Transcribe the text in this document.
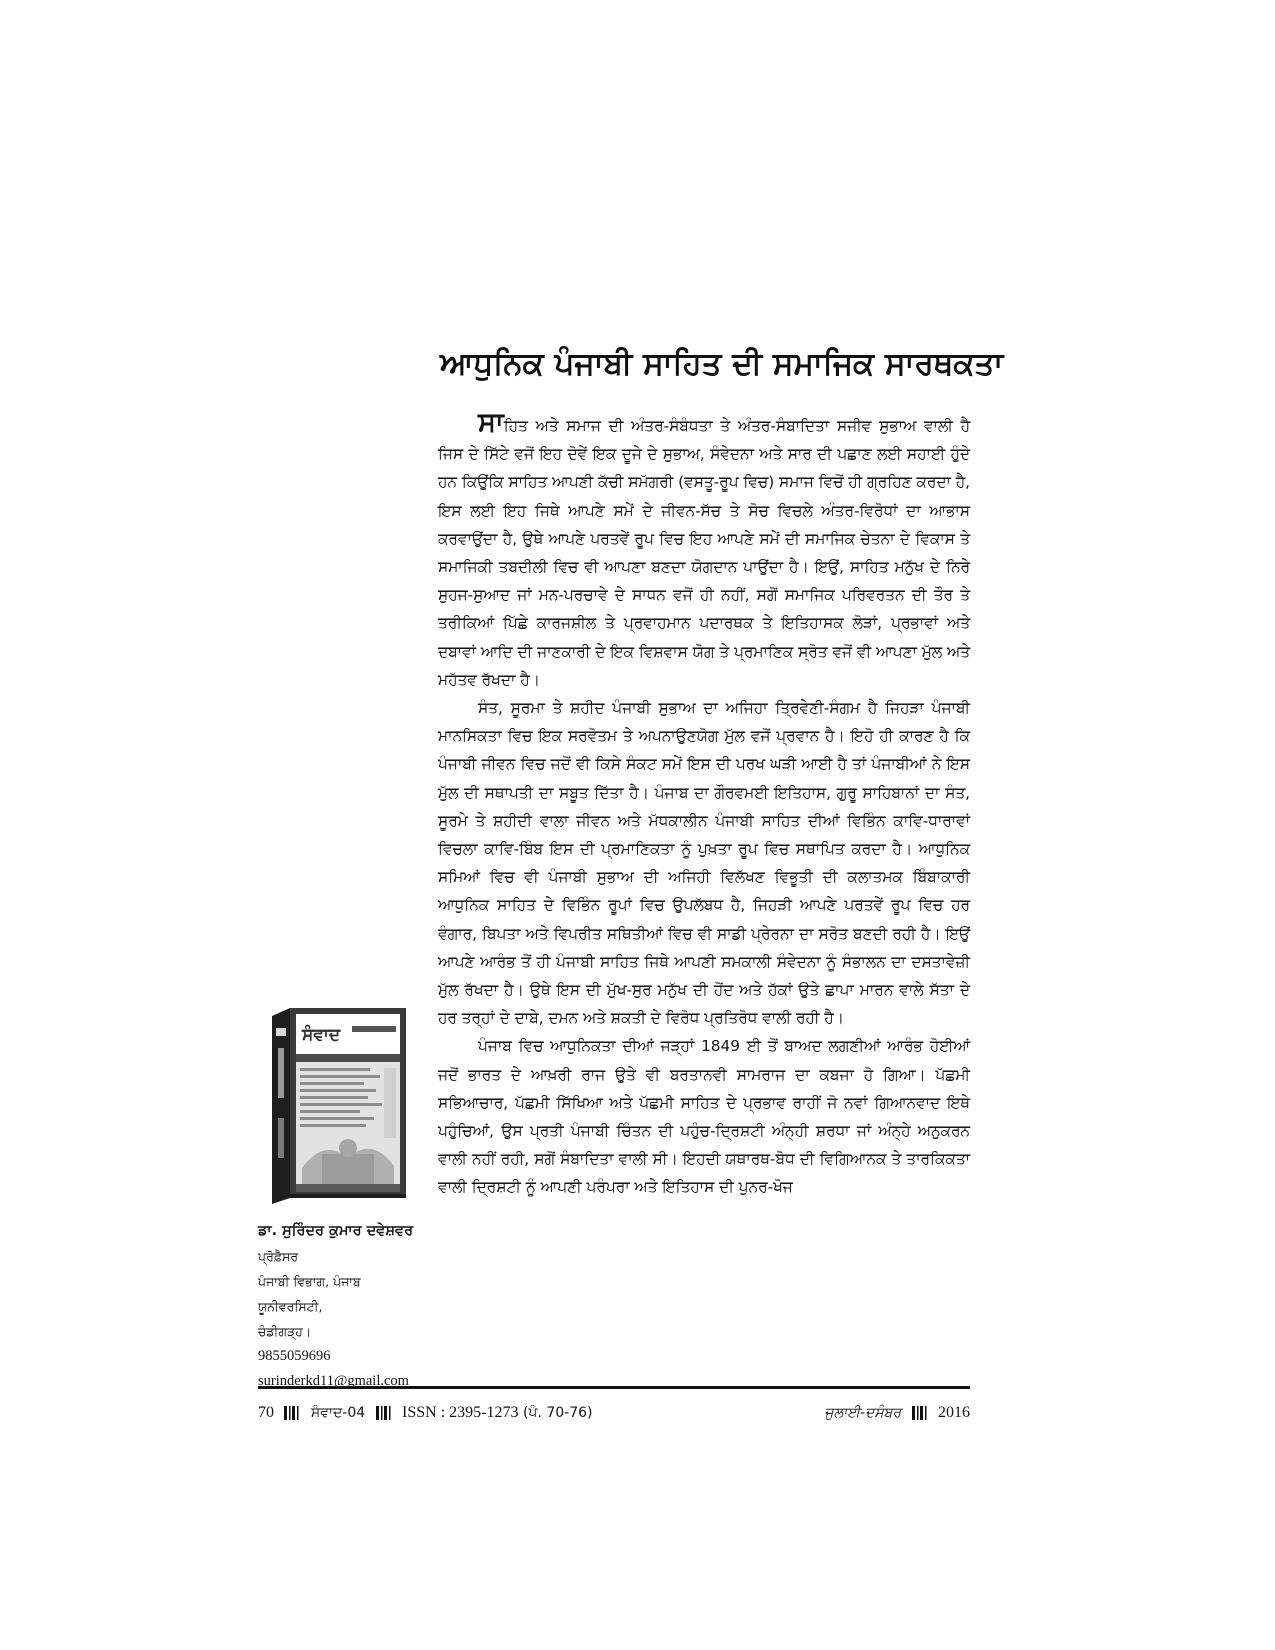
ਆਧੁਨਿਕ ਪੰਜਾਬੀ ਸਾਹਿਤ ਦੀ ਸਮਾਜਿਕ ਸਾਰਥਕਤਾ

ਸਾਹਿਤ ਅਤੇ ਸਮਾਜ ਦੀ ਅੰਤਰ-ਸੰਬੰਧਤਾ ਤੇ ਅੰਤਰ-ਸੰਬਾਦਿਤਾ ਸਜੀਵ ਸੁਭਾਅ ਵਾਲੀ ਹੈ ਜਿਸ ਦੇ ਸਿੱਟੇ ਵਜੋਂ ਇਹ ਦੋਵੇਂ ਇਕ ਦੂਜੇ ਦੇ ਸੁਭਾਅ, ਸੰਵੇਦਨਾ ਅਤੇ ਸਾਰ ਦੀ ਪਛਾਣ ਲਈ ਸਹਾਈ ਹੁੰਦੇ ਹਨ ਕਿਉਂਕਿ ਸਾਹਿਤ ਆਪਣੀ ਕੱਚੀ ਸਮੱਗਰੀ (ਵਸਤੂ-ਰੂਪ ਵਿਚ) ਸਮਾਜ ਵਿਚੋਂ ਹੀ ਗ੍ਰਹਿਣ ਕਰਦਾ ਹੈ, ਇਸ ਲਈ ਇਹ ਜਿਥੇ ਆਪਣੇ ਸਮੇਂ ਦੇ ਜੀਵਨ-ਸੱਚ ਤੇ ਸੋਚ ਵਿਚਲੇ ਅੰਤਰ-ਵਿਰੋਧਾਂ ਦਾ ਆਭਾਸ ਕਰਵਾਉਂਦਾ ਹੈ, ਉਥੇ ਆਪਣੇ ਪਰਤਵੇਂ ਰੂਪ ਵਿਚ ਇਹ ਆਪਣੇ ਸਮੇਂ ਦੀ ਸਮਾਜਿਕ ਚੇਤਨਾ ਦੇ ਵਿਕਾਸ ਤੇ ਸਮਾਜਿਕੀ ਤਬਦੀਲੀ ਵਿਚ ਵੀ ਆਪਣਾ ਬਣਦਾ ਯੋਗਦਾਨ ਪਾਉਂਦਾ ਹੈ। ਇਉਂ, ਸਾਹਿਤ ਮਨੁੱਖ ਦੇ ਨਿਰੇ ਸੁਹਜ-ਸੁਆਦ ਜਾਂ ਮਨ-ਪਰਚਾਵੇ ਦੇ ਸਾਧਨ ਵਜੋਂ ਹੀ ਨਹੀਂ, ਸਗੋਂ ਸਮਾਜਿਕ ਪਰਿਵਰਤਨ ਦੀ ਤੌਰ ਤੇ ਤਰੀਕਿਆਂ ਪਿੱਛੇ ਕਾਰਜਸ਼ੀਲ ਤੇ ਪ੍ਰਵਾਹਮਾਨ ਪਦਾਰਥਕ ਤੇ ਇਤਿਹਾਸਕ ਲੋੜਾਂ, ਪ੍ਰਭਾਵਾਂ ਅਤੇ ਦਬਾਵਾਂ ਆਦਿ ਦੀ ਜਾਣਕਾਰੀ ਦੇ ਇਕ ਵਿਸ਼ਵਾਸ ਯੋਗ ਤੇ ਪ੍ਰਮਾਣਿਕ ਸ੍ਰੋਤ ਵਜੋਂ ਵੀ ਆਪਣਾ ਮੁੱਲ ਅਤੇ ਮਹੱਤਵ ਰੱਖਦਾ ਹੈ।

ਸੰਤ, ਸੂਰਮਾ ਤੇ ਸ਼ਹੀਦ ਪੰਜਾਬੀ ਸੁਭਾਅ ਦਾ ਅਜਿਹਾ ਤ੍ਰਿਵੇਣੀ-ਸੰਗਮ ਹੈ ਜਿਹੜਾ ਪੰਜਾਬੀ ਮਾਨਸਿਕਤਾ ਵਿਚ ਇਕ ਸਰਵੋਤਮ ਤੇ ਅਪਨਾਉਣਯੋਗ ਮੁੱਲ ਵਜੋਂ ਪ੍ਰਵਾਨ ਹੈ। ਇਹੋ ਹੀ ਕਾਰਣ ਹੈ ਕਿ ਪੰਜਾਬੀ ਜੀਵਨ ਵਿਚ ਜਦੋਂ ਵੀ ਕਿਸੇ ਸੰਕਟ ਸਮੇਂ ਇਸ ਦੀ ਪਰਖ ਘੜੀ ਆਈ ਹੈ ਤਾਂ ਪੰਜਾਬੀਆਂ ਨੇ ਇਸ ਮੁੱਲ ਦੀ ਸਥਾਪਤੀ ਦਾ ਸਬੂਤ ਦਿੱਤਾ ਹੈ। ਪੰਜਾਬ ਦਾ ਗੌਰਵਮਈ ਇਤਿਹਾਸ, ਗੁਰੂ ਸਾਹਿਬਾਨਾਂ ਦਾ ਸੰਤ, ਸੂਰਮੇ ਤੇ ਸ਼ਹੀਦੀ ਵਾਲਾ ਜੀਵਨ ਅਤੇ ਮੱਧਕਾਲੀਨ ਪੰਜਾਬੀ ਸਾਹਿਤ ਦੀਆਂ ਵਿਭਿੰਨ ਕਾਵਿ-ਧਾਰਾਵਾਂ ਵਿਚਲਾ ਕਾਵਿ-ਬਿੰਬ ਇਸ ਦੀ ਪ੍ਰਮਾਣਿਕਤਾ ਨੂੰ ਪੁਖ਼ਤਾ ਰੂਪ ਵਿਚ ਸਥਾਪਿਤ ਕਰਦਾ ਹੈ। ਆਧੁਨਿਕ ਸਮਿਆਂ ਵਿਚ ਵੀ ਪੰਜਾਬੀ ਸੁਭਾਅ ਦੀ ਅਜਿਹੀ ਵਿਲੱਖਣ ਵਿਭੂਤੀ ਦੀ ਕਲਾਤਮਕ ਬਿੰਬਾਕਾਰੀ ਆਧੁਨਿਕ ਸਾਹਿਤ ਦੇ ਵਿਭਿੰਨ ਰੂਪਾਂ ਵਿਚ ਉਪਲੱਬਧ ਹੈ, ਜਿਹੜੀ ਆਪਣੇ ਪਰਤਵੇਂ ਰੂਪ ਵਿਚ ਹਰ ਵੰਗਾਰ, ਬਿਪਤਾ ਅਤੇ ਵਿਪਰੀਤ ਸਥਿਤੀਆਂ ਵਿਚ ਵੀ ਸਾਡੀ ਪ੍ਰੇਰਨਾ ਦਾ ਸਰੋਤ ਬਣਦੀ ਰਹੀ ਹੈ। ਇਉਂ ਆਪਣੇ ਆਰੰਭ ਤੋਂ ਹੀ ਪੰਜਾਬੀ ਸਾਹਿਤ ਜਿਥੇ ਆਪਣੀ ਸਮਕਾਲੀ ਸੰਵੇਦਨਾ ਨੂੰ ਸੰਭਾਲਨ ਦਾ ਦਸਤਾਵੇਜ਼ੀ ਮੁੱਲ ਰੱਖਦਾ ਹੈ। ਉਥੇ ਇਸ ਦੀ ਮੁੱਖ-ਸੁਰ ਮਨੁੱਖ ਦੀ ਹੋਂਦ ਅਤੇ ਹੱਕਾਂ ਉਤੇ ਛਾਪਾ ਮਾਰਨ ਵਾਲੇ ਸੱਤਾ ਦੇ ਹਰ ਤਰ੍ਹਾਂ ਦੇ ਦਾਬੇ, ਦਮਨ ਅਤੇ ਸ਼ਕਤੀ ਦੇ ਵਿਰੋਧ ਪ੍ਰਤਿਰੋਧ ਵਾਲੀ ਰਹੀ ਹੈ।

ਪੰਜਾਬ ਵਿਚ ਆਧੁਨਿਕਤਾ ਦੀਆਂ ਜੜ੍ਹਾਂ 1849 ਈ ਤੋਂ ਬਾਅਦ ਲਗਣੀਆਂ ਆਰੰਭ ਹੋਈਆਂ ਜਦੋਂ ਭਾਰਤ ਦੇ ਆਖ਼ਰੀ ਰਾਜ ਉਤੇ ਵੀ ਬਰਤਾਨਵੀ ਸਾਮਰਾਜ ਦਾ ਕਬਜਾ ਹੋ ਗਿਆ। ਪੱਛਮੀ ਸਭਿਆਚਾਰ, ਪੱਛਮੀ ਸਿੱਖਿਆ ਅਤੇ ਪੱਛਮੀ ਸਾਹਿਤ ਦੇ ਪ੍ਰਭਾਵ ਰਾਹੀਂ ਜੋ ਨਵਾਂ ਗਿਆਨਵਾਦ ਇਥੇ ਪਹੁੰਚਿਆਂ, ਉਸ ਪ੍ਰਤੀ ਪੰਜਾਬੀ ਚਿੰਤਨ ਦੀ ਪਹੁੰਚ-ਦ੍ਰਿਸ਼ਟੀ ਅੰਨ੍ਹੀ ਸ਼ਰਧਾ ਜਾਂ ਅੰਨ੍ਹੇ ਅਨੁਕਰਨ ਵਾਲੀ ਨਹੀਂ ਰਹੀ, ਸਗੋਂ ਸੰਬਾਦਿਤਾ ਵਾਲੀ ਸੀ। ਇਹਦੀ ਯਥਾਰਥ-ਬੋਧ ਦੀ ਵਿਗਿਆਨਕ ਤੇ ਤਾਰਕਿਕਤਾ ਵਾਲੀ ਦ੍ਰਿਸ਼ਟੀ ਨੂੰ ਆਪਣੀ ਪਰੰਪਰਾ ਅਤੇ ਇਤਿਹਾਸ ਦੀ ਪੁਨਰ-ਖੋਜ

ਸੰਵਾਦ
ਡਾ. ਸੁਰਿੰਦਰ ਕੁਮਾਰ ਦਵੇਸ਼ਵਰ
ਪ੍ਰੋਫ਼ੈਸਰ
ਪੰਜਾਬੀ ਵਿਭਾਗ, ਪੰਜਾਬ
ਯੂਨੀਵਰਸਿਟੀ,
ਚੰਡੀਗੜ੍ਹ।
9855059696
surinderkd11@gmail.com
70	ਸੰਵਾਦ-04 ISSN : 2395-1273 (ਪੰ. 70-76)	ਜੁਲਾਈ-ਦਸੰਬਰ 2016
